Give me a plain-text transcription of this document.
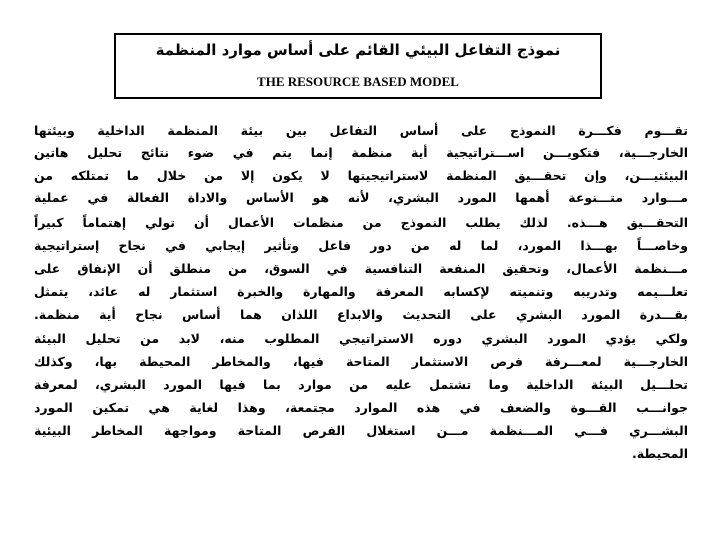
نموذج التفاعل البيئي القائم على أساس موارد المنظمة
THE RESOURCE BASED MODEL
تقـــوم فكـــرة النموذج على أساس التفاعل بين بيئة المنظمة الداخلية وبيئتها
الخارجـــية، فتكويـــن اســـتراتيجية أية منظمة إنما يتم في ضوء نتائج تحليل هاتين
البيئتيـــن، وإن تحقـــيق المنظمة لاستراتيجيتها لا يكون إلا من خلال ما تمتلكه من
مـــوارد متـــنوعة أهمها المورد البشري، لأنه هو الأساس والاداة الفعالة في عملية
التحقـــيق هـــذه. لذلك يطلب النموذج من منظمات الأعمال أن تولي إهتماماً كبيراً
وخاصـــاً بهـــذا المورد، لما له من دور فاعل وتأثير إيجابي في نجاح إستراتيجية
مـــنظمة الأعمال، وتحقيق المنفعة التنافسية في السوق، من منطلق أن الإنفاق على
تعلـــيمه وتدريبه وتنميته لإكسابه المعرفة والمهارة والخبرة استثمار له عائد، يتمثل
بقـــدرة المورد البشري على التحديث والابداع اللذان هما أساس نجاح أية منظمة.
ولكي يؤدي المورد البشري دوره الاستراتيجي المطلوب منه، لابد من تحليل البيئة
الخارجـــية لمعـــرفة فرص الاستثمار المتاحة فيها، والمخاطر المحيطة بها، وكذلك
تحلـــيل البيئة الداخلية وما تشتمل عليه من موارد بما فيها المورد البشري، لمعرفة
جوانـــب القـــوة والضعف في هذه الموارد مجتمعة، وهذا لغاية هي تمكين المورد
البشـــري فـــي المـــنظمة مـــن استغلال الفرص المتاحة ومواجهة المخاطر البيئية
المحيطة.
